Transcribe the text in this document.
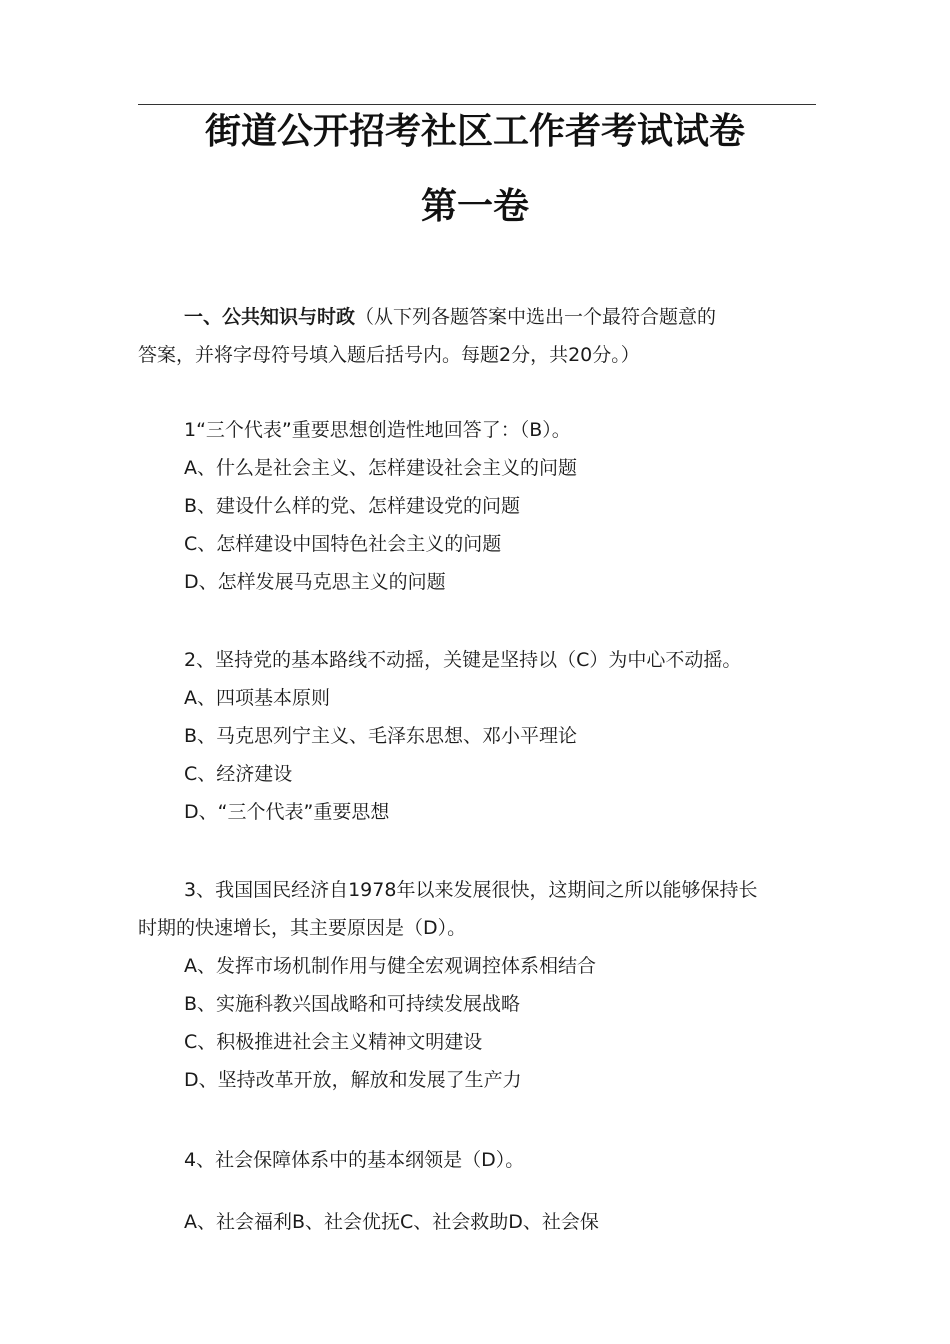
街道公开招考社区工作者考试试卷
第一卷
一、公共知识与时政（从下列各题答案中选出一个最符合题意的
答案，并将字母符号填入题后括号内。每题2分，共20分。）
1“三个代表”重要思想创造性地回答了：（B）。
A、什么是社会主义、怎样建设社会主义的问题
B、建设什么样的党、怎样建设党的问题
C、怎样建设中国特色社会主义的问题
D、怎样发展马克思主义的问题
2、坚持党的基本路线不动摇，关键是坚持以（C）为中心不动摇。
A、四项基本原则
B、马克思列宁主义、毛泽东思想、邓小平理论
C、经济建设
D、“三个代表”重要思想
3、我国国民经济自1978年以来发展很快，这期间之所以能够保持长
时期的快速增长，其主要原因是（D）。
A、发挥市场机制作用与健全宏观调控体系相结合
B、实施科教兴国战略和可持续发展战略
C、积极推进社会主义精神文明建设
D、坚持改革开放，解放和发展了生产力
4、社会保障体系中的基本纲领是（D）。
A、社会福利B、社会优抚C、社会救助D、社会保
